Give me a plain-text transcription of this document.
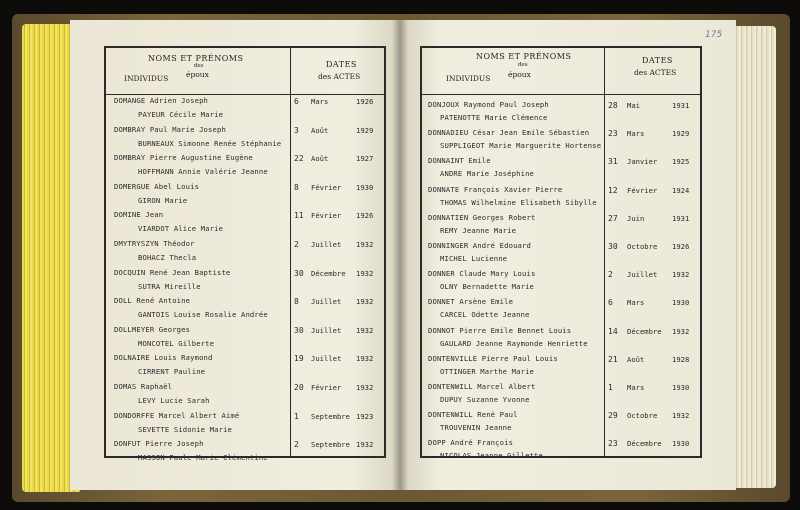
175
NOMS ET PRÉNOMS
des
époux
INDIVIDUS
DATES
des ACTES
DOMANGE Adrien Joseph
PAYEUR Cécile Marie
6 Mars	1926
DOMBRAY Paul Marie Joseph
BURNEAUX Simonne Renée Stéphanie
3 Août	1929
DOMBRAY Pierre Augustine Eugène
HOFFMANN Annie Valérie Jeanne
22 Août	1927
DOMERGUE Abel Louis
GIRON Marie
8 Février 1930
DOMINE Jean
VIARDOT Alice Marie
11 Février 1926
DMYTRYSZYN Théodor
BOHACZ Thecla
2 Juillet 1932
DOCQUIN René Jean Baptiste
SUTRA Mireille
30 Décembre 1932
DOLL René Antoine
GANTOIS Louise Rosalie Andrée
8 Juillet 1932
DOLLMEYER Georges
MONCOTEL Gilberte
30 Juillet 1932
DOLNAIRE Louis Raymond
CIRRENT Pauline
19 Juillet 1932
DOMAS Raphaël
LEVY Lucie Sarah
20 Février 1932
DONDORFFE Marcel Albert Aimé
SEVETTE Sidonie Marie
1 Septembre 1923
DONFUT Pierre Joseph
MASSON Paule Marie Clémentine
2 Septembre 1932
NOMS ET PRÉNOMS
des
époux
INDIVIDUS
DATES
des ACTES
DONJOUX Raymond Paul Joseph
PATENOTTE Marie Clémence
28 Mai	1931
DONNADIEU César Jean Emile Sébastien
SUPPLIGEOT Marie Marguerite Hortense
23 Mars	1929
DONNAINT Emile
ANDRE Marie Joséphine
31 Janvier 1925
DONNATE François Xavier Pierre
THOMAS Wilhelmine Elisabeth Sibylle
12 Février 1924
DONNATIEN Georges Robert
REMY Jeanne Marie
27 Juin	1931
DONNINGER André Edouard
MICHEL Lucienne
30 Octobre 1926
DONNER Claude Mary Louis
OLNY Bernadette Marie
2 Juillet 1932
DONNET Arsène Emile
CARCEL Odette Jeanne
6 Mars	1930
DONNOT Pierre Emile Bennet Louis
GAULARD Jeanne Raymonde Henriette
14 Décembre 1932
DONTENVILLE Pierre Paul Louis
OTTINGER Marthe Marie
21 Août	1928
DONTENWILL Marcel Albert
DUPUY Suzanne Yvonne
1 Mars	1930
DONTENWILL René Paul
TROUVENIN Jeanne
29 Octobre 1932
DOPP André François
NICOLAS Jeanne Gillette
23 Décembre 1930
